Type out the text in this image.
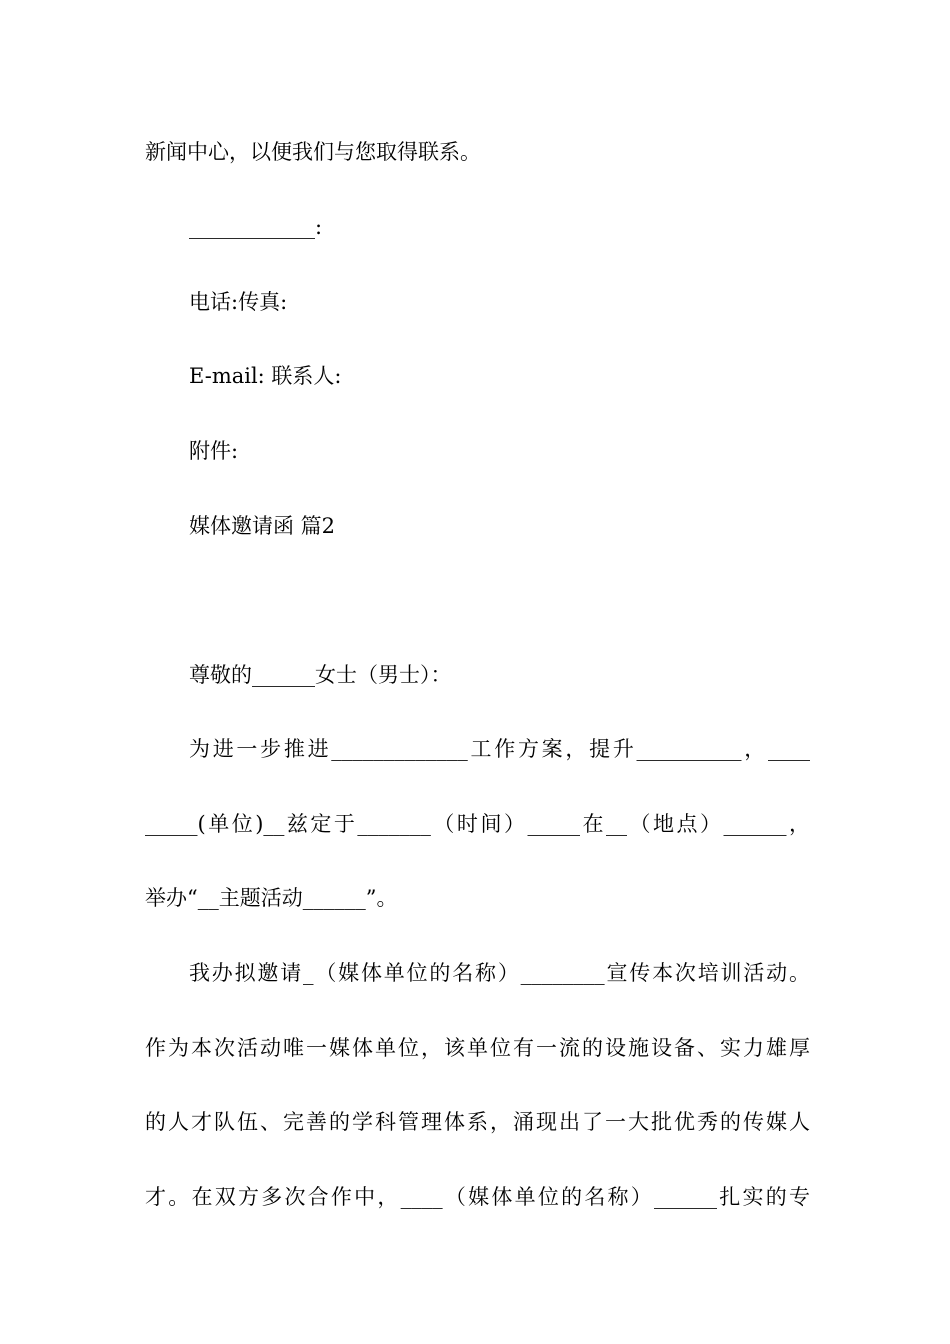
新闻中心，以便我们与您取得联系。
____________:
电话:传真:
E-mail: 联系人:
附件:
媒体邀请函 篇2
尊敬的______女士（男士）：
为进一步推进_____________工作方案，提升__________，____
_____(单位)__兹定于_______（时间）_____在__（地点）______，
举办“__主题活动______”。
我办拟邀请_（媒体单位的名称）________宣传本次培训活动。
作为本次活动唯一媒体单位，该单位有一流的设施设备、实力雄厚
的人才队伍、完善的学科管理体系，涌现出了一大批优秀的传媒人
才。在双方多次合作中，____（媒体单位的名称）______扎实的专
